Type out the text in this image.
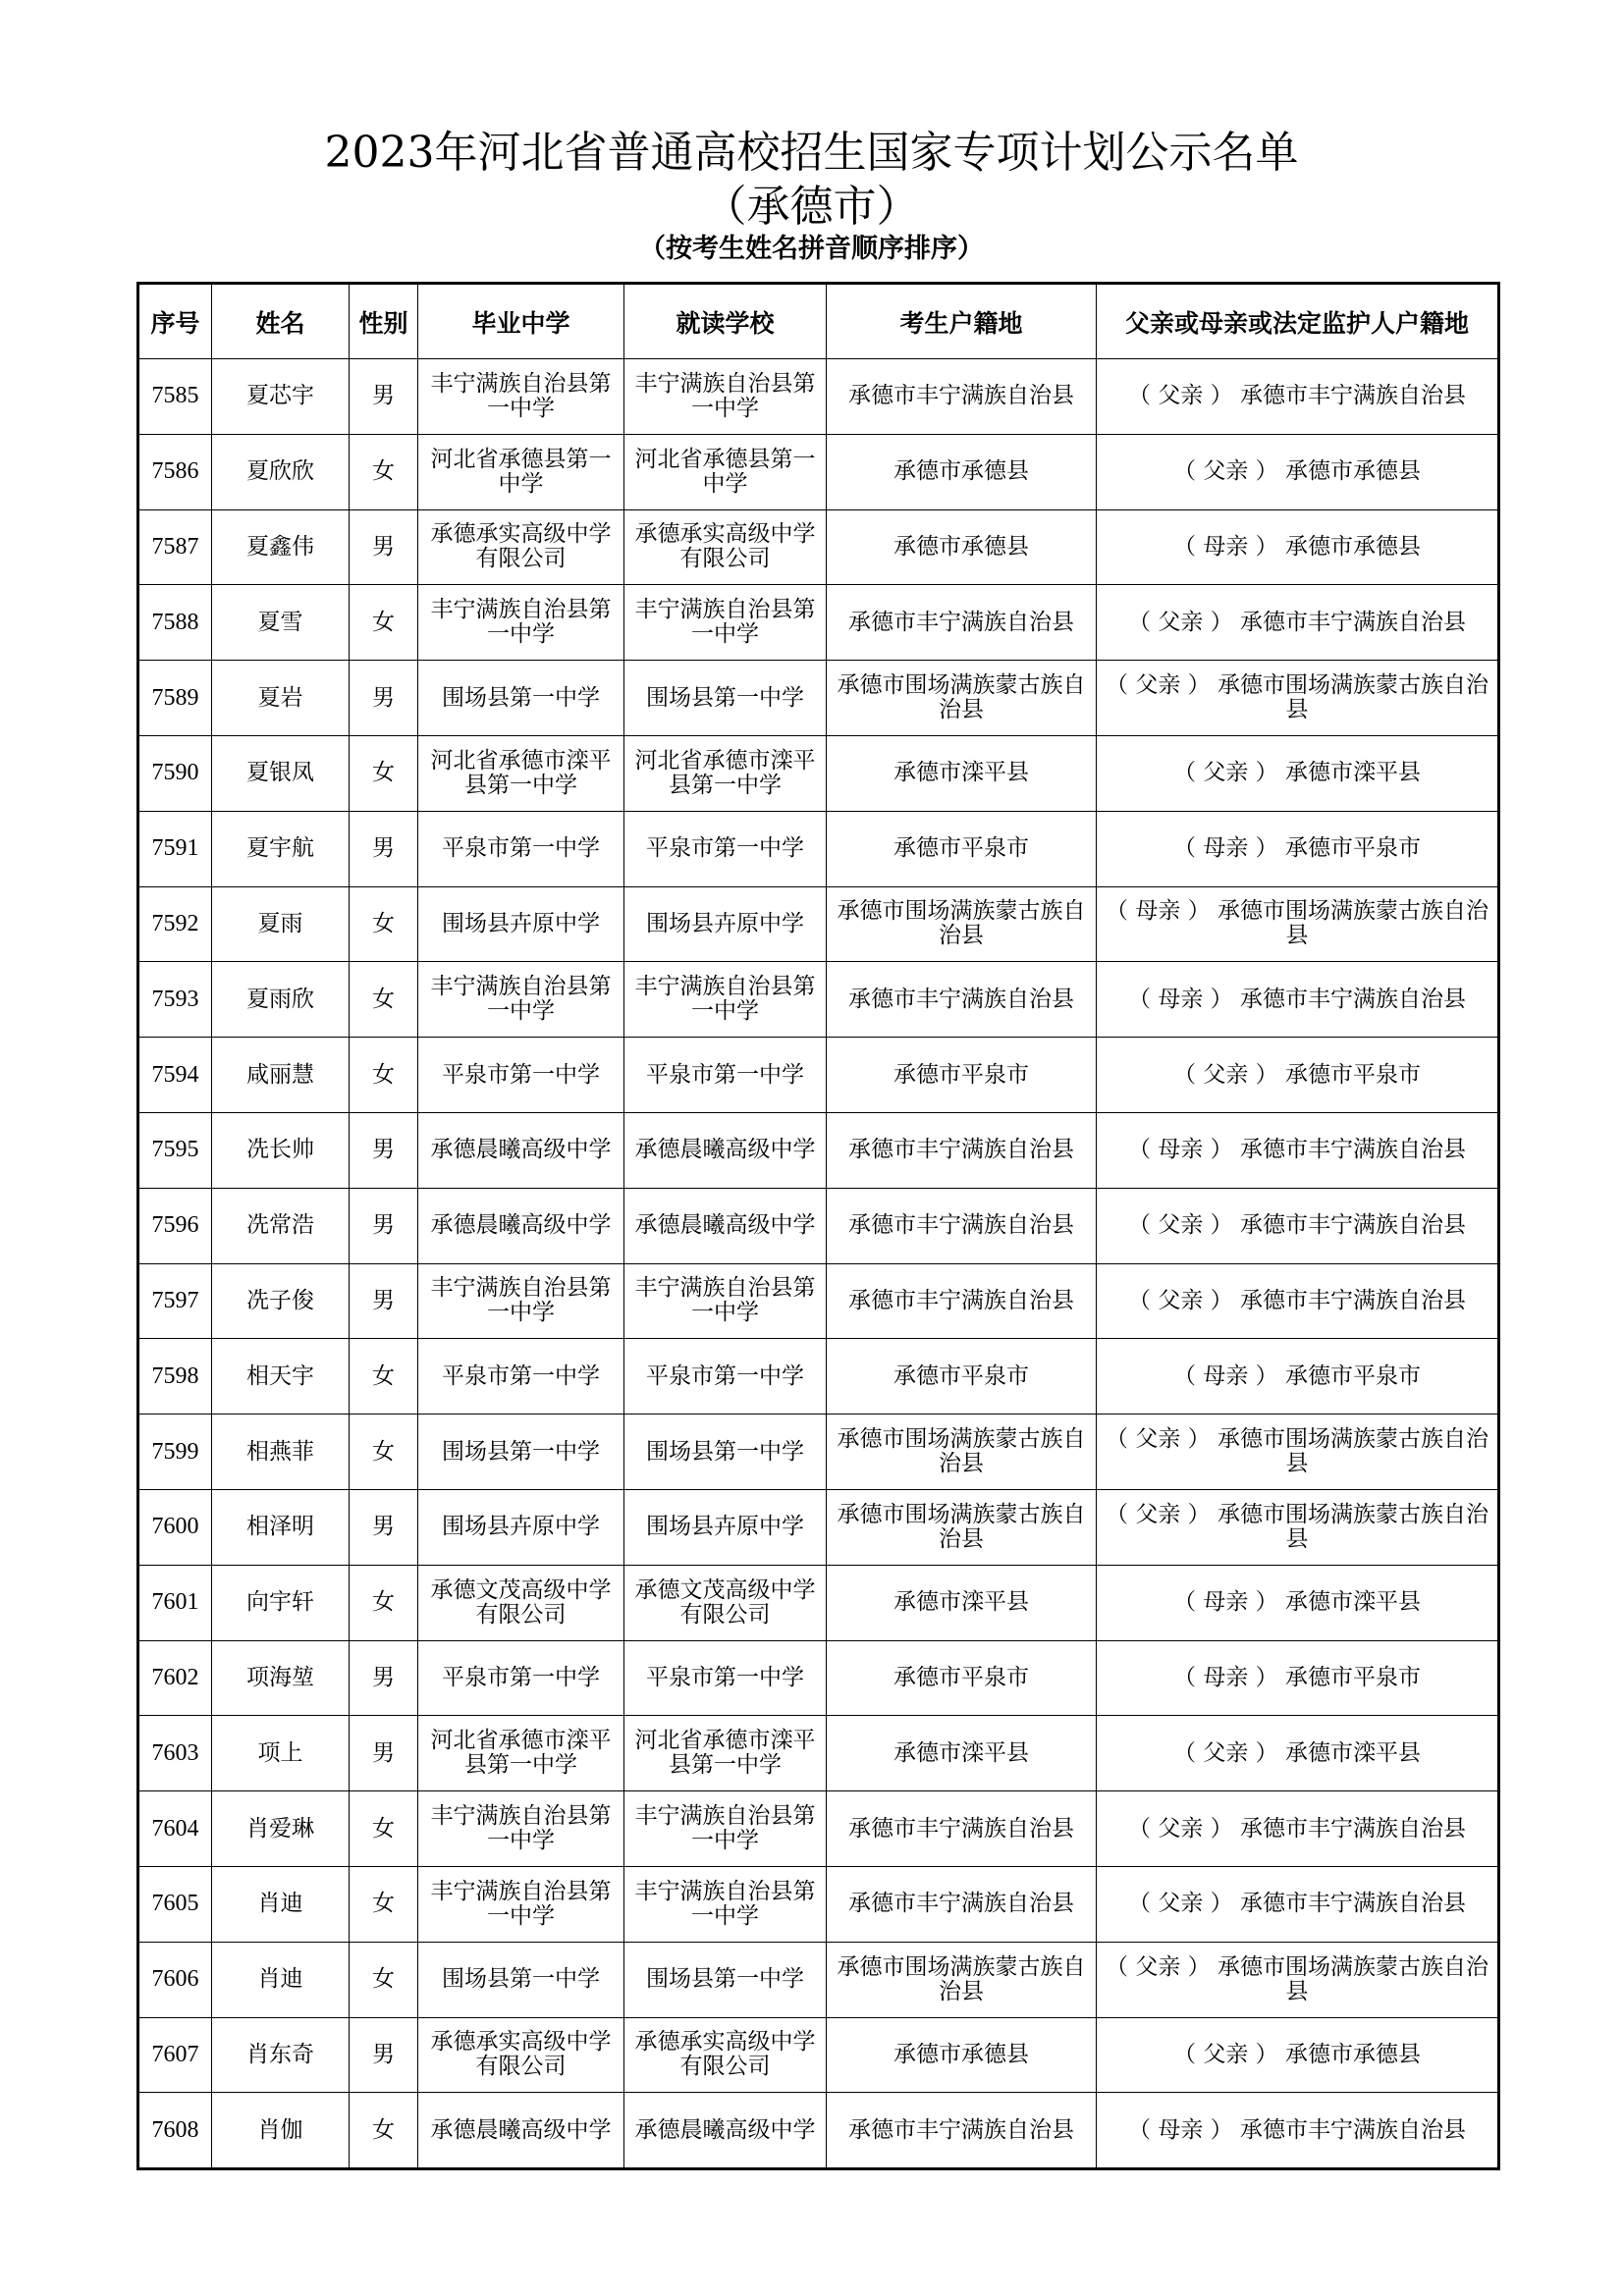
2023年河北省普通高校招生国家专项计划公示名单
（承德市）
（按考生姓名拼音顺序排序）
序号	姓名	性别	毕业中学	就读学校	考生户籍地	父亲或母亲或法定监护人户籍地
7585	夏芯宇	男	丰宁满族自治县第一中学	丰宁满族自治县第一中学	承德市丰宁满族自治县	（ 父亲 ） 承德市丰宁满族自治县
7586	夏欣欣	女	河北省承德县第一中学	河北省承德县第一中学	承德市承德县	（ 父亲 ） 承德市承德县
7587	夏鑫伟	男	承德承实高级中学有限公司	承德承实高级中学有限公司	承德市承德县	（ 母亲 ） 承德市承德县
7588	夏雪	女	丰宁满族自治县第一中学	丰宁满族自治县第一中学	承德市丰宁满族自治县	（ 父亲 ） 承德市丰宁满族自治县
7589	夏岩	男	围场县第一中学	围场县第一中学	承德市围场满族蒙古族自治县	（ 父亲 ） 承德市围场满族蒙古族自治县
7590	夏银凤	女	河北省承德市滦平县第一中学	河北省承德市滦平县第一中学	承德市滦平县	（ 父亲 ） 承德市滦平县
7591	夏宇航	男	平泉市第一中学	平泉市第一中学	承德市平泉市	（ 母亲 ） 承德市平泉市
7592	夏雨	女	围场县卉原中学	围场县卉原中学	承德市围场满族蒙古族自治县	（ 母亲 ） 承德市围场满族蒙古族自治县
7593	夏雨欣	女	丰宁满族自治县第一中学	丰宁满族自治县第一中学	承德市丰宁满族自治县	（ 母亲 ） 承德市丰宁满族自治县
7594	咸丽慧	女	平泉市第一中学	平泉市第一中学	承德市平泉市	（ 父亲 ） 承德市平泉市
7595	冼长帅	男	承德晨曦高级中学	承德晨曦高级中学	承德市丰宁满族自治县	（ 母亲 ） 承德市丰宁满族自治县
7596	冼常浩	男	承德晨曦高级中学	承德晨曦高级中学	承德市丰宁满族自治县	（ 父亲 ） 承德市丰宁满族自治县
7597	冼子俊	男	丰宁满族自治县第一中学	丰宁满族自治县第一中学	承德市丰宁满族自治县	（ 父亲 ） 承德市丰宁满族自治县
7598	相天宇	女	平泉市第一中学	平泉市第一中学	承德市平泉市	（ 母亲 ） 承德市平泉市
7599	相燕菲	女	围场县第一中学	围场县第一中学	承德市围场满族蒙古族自治县	（ 父亲 ） 承德市围场满族蒙古族自治县
7600	相泽明	男	围场县卉原中学	围场县卉原中学	承德市围场满族蒙古族自治县	（ 父亲 ） 承德市围场满族蒙古族自治县
7601	向宇轩	女	承德文茂高级中学有限公司	承德文茂高级中学有限公司	承德市滦平县	（ 母亲 ） 承德市滦平县
7602	项海堃	男	平泉市第一中学	平泉市第一中学	承德市平泉市	（ 母亲 ） 承德市平泉市
7603	项上	男	河北省承德市滦平县第一中学	河北省承德市滦平县第一中学	承德市滦平县	（ 父亲 ） 承德市滦平县
7604	肖爱琳	女	丰宁满族自治县第一中学	丰宁满族自治县第一中学	承德市丰宁满族自治县	（ 父亲 ） 承德市丰宁满族自治县
7605	肖迪	女	丰宁满族自治县第一中学	丰宁满族自治县第一中学	承德市丰宁满族自治县	（ 父亲 ） 承德市丰宁满族自治县
7606	肖迪	女	围场县第一中学	围场县第一中学	承德市围场满族蒙古族自治县	（ 父亲 ） 承德市围场满族蒙古族自治县
7607	肖东奇	男	承德承实高级中学有限公司	承德承实高级中学有限公司	承德市承德县	（ 父亲 ） 承德市承德县
7608	肖伽	女	承德晨曦高级中学	承德晨曦高级中学	承德市丰宁满族自治县	（ 母亲 ） 承德市丰宁满族自治县
